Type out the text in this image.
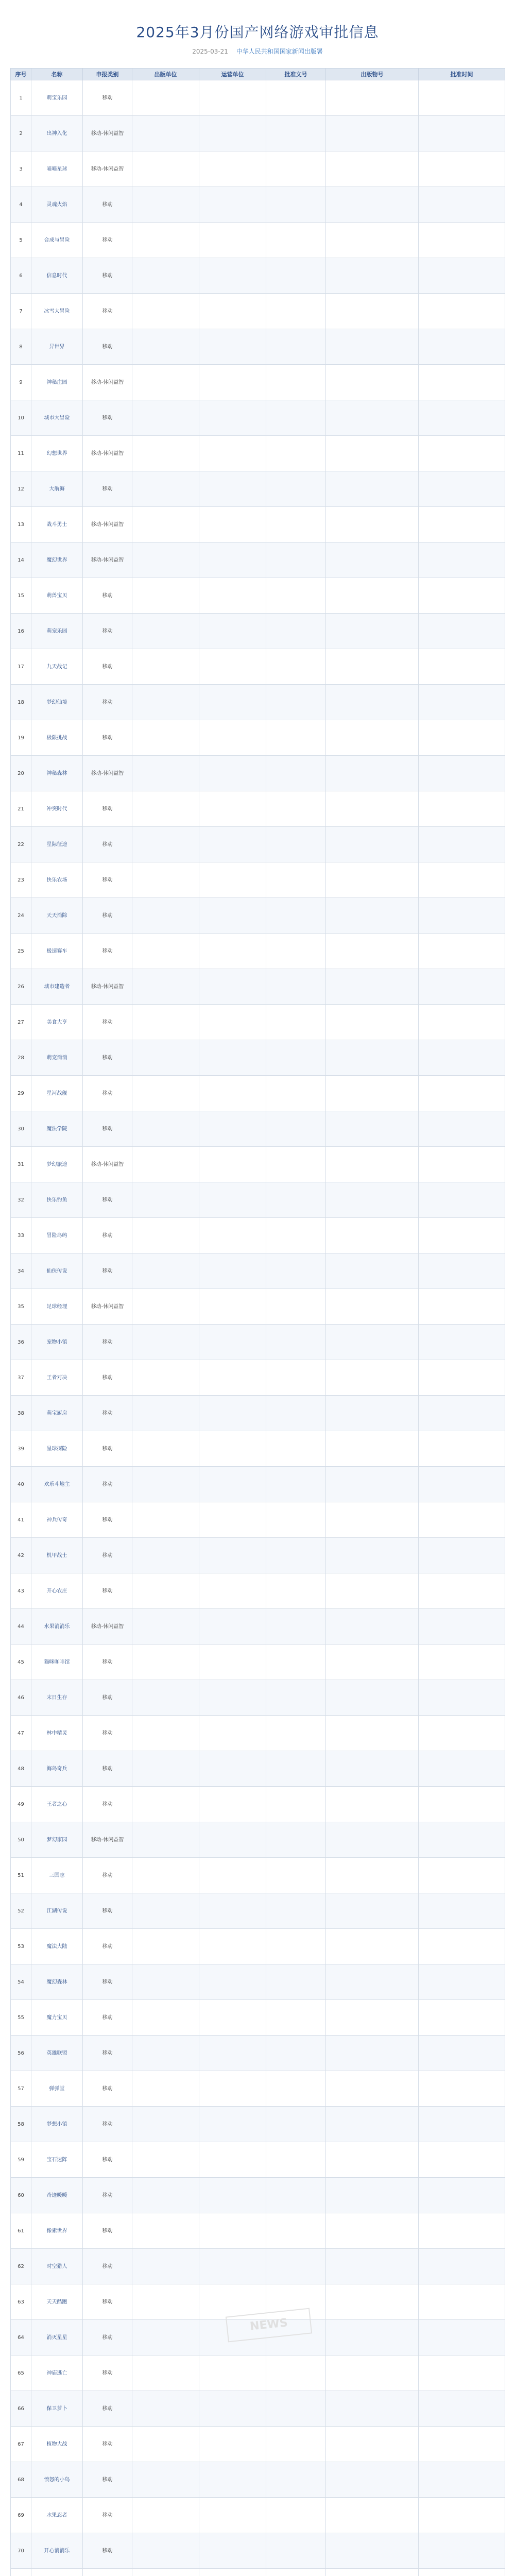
2025年3月份国产网络游戏审批信息
2025-03-21 中华人民共和国国家新闻出版署
序号	名称	申报类别	出版单位	运营单位	批准文号	出版物号	批准时间
1	萌宝乐园	移动					
2	出神入化	移动-休闲益智					
3	喵喵星球	移动-休闲益智					
4	灵魂火焰	移动					
5	合成与冒险	移动					
6	信息时代	移动					
7	冰雪大冒险	移动					
8	异世界	移动					
9	神秘庄园	移动-休闲益智					
10	城市大冒险	移动					
11	幻想世界	移动-休闲益智					
12	大航海	移动					
13	战斗勇士	移动-休闲益智					
14	魔幻世界	移动-休闲益智					
15	萌兽宝贝	移动					
16	萌宠乐园	移动					
17	九天战记	移动					
18	梦幻仙境	移动					
19	极限挑战	移动					
20	神秘森林	移动-休闲益智					
21	冲突时代	移动					
22	星际征途	移动					
23	快乐农场	移动					
24	天天消除	移动					
25	极速赛车	移动					
26	城市建造者	移动-休闲益智					
27	美食大亨	移动					
28	萌宠消消	移动					
29	星河战舰	移动					
30	魔法学院	移动					
31	梦幻旅途	移动-休闲益智					
32	快乐钓鱼	移动					
33	冒险岛屿	移动					
34	仙侠传说	移动					
35	足球经理	移动-休闲益智					
36	宠物小镇	移动					
37	王者对决	移动					
38	萌宝厨房	移动					
39	星球探险	移动					
40	欢乐斗地主	移动					
41	神兵传奇	移动					
42	机甲战士	移动					
43	开心农庄	移动					
44	水果消消乐	移动-休闲益智					
45	猫咪咖啡馆	移动					
46	末日生存	移动					
47	林中精灵	移动					
48	海岛奇兵	移动					
49	王者之心	移动					
50	梦幻家园	移动-休闲益智					
51	三国志	移动					
52	江湖传说	移动					
53	魔法大陆	移动					
54	魔幻森林	移动					
55	魔力宝贝	移动					
56	英雄联盟	移动					
57	弹弹堂	移动					
58	梦想小镇	移动					
59	宝石迷阵	移动					
60	奇迹暖暖	移动					
61	像素世界	移动					
62	时空猎人	移动					
63	天天酷跑	移动					
64	消灭星星	移动					
65	神庙逃亡	移动					
66	保卫萝卜	移动					
67	植物大战	移动					
68	愤怒的小鸟	移动					
69	水果忍者	移动					
70	开心消消乐	移动					

NEWS
